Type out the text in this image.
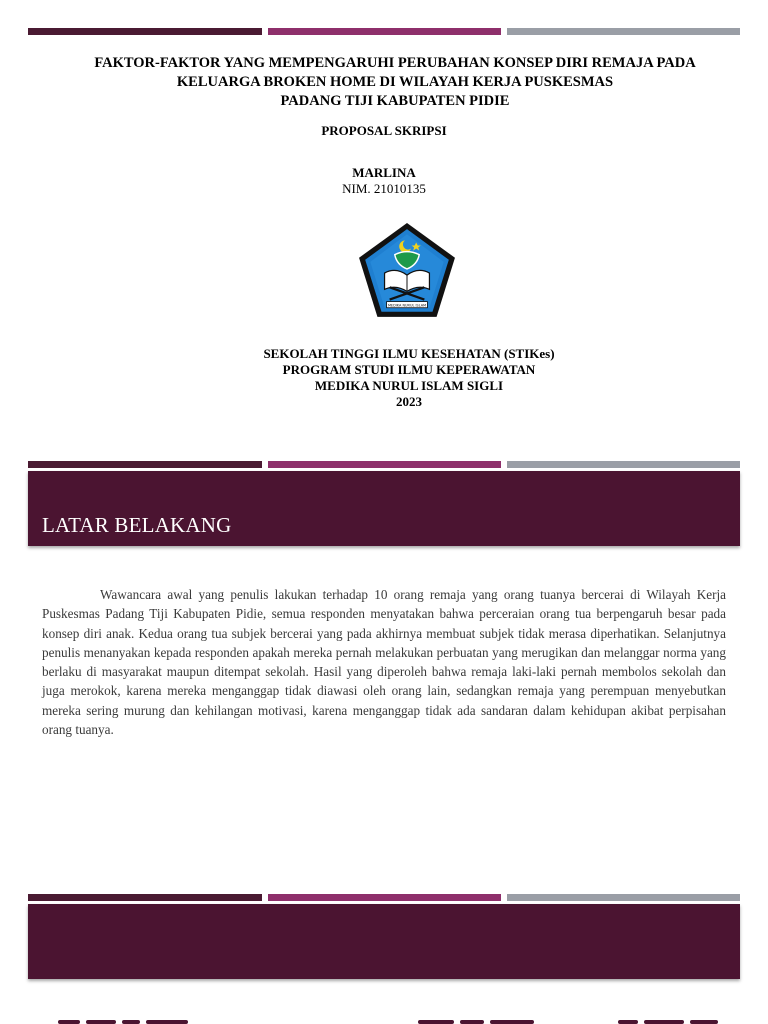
FAKTOR-FAKTOR YANG MEMPENGARUHI PERUBAHAN KONSEP DIRI REMAJA PADA
KELUARGA BROKEN HOME DI WILAYAH KERJA PUSKESMAS
PADANG TIJI KABUPATEN PIDIE

PROPOSAL SKRIPSI

MARLINA

NIM. 21010135

MEDIKA NURUL ISLAM
SEKOLAH TINGGI ILMU KESEHATAN (STIKes)
PROGRAM STUDI ILMU KEPERAWATAN
MEDIKA NURUL ISLAM SIGLI
2023
LATAR BELAKANG

Wawancara awal yang penulis lakukan terhadap 10 orang remaja yang orang tuanya bercerai di Wilayah Kerja Puskesmas Padang Tiji Kabupaten Pidie, semua responden menyatakan bahwa perceraian orang tua berpengaruh besar pada konsep diri anak. Kedua orang tua subjek bercerai yang pada akhirnya membuat subjek tidak merasa diperhatikan. Selanjutnya penulis menanyakan kepada responden apakah mereka pernah melakukan perbuatan yang merugikan dan melanggar norma yang berlaku di masyarakat maupun ditempat sekolah. Hasil yang diperoleh bahwa remaja laki-laki pernah membolos sekolah dan juga merokok, karena mereka menganggap tidak diawasi oleh orang lain, sedangkan remaja yang perempuan menyebutkan mereka sering murung dan kehilangan motivasi, karena menganggap tidak ada sandaran dalam kehidupan akibat perpisahan orang tuanya.
